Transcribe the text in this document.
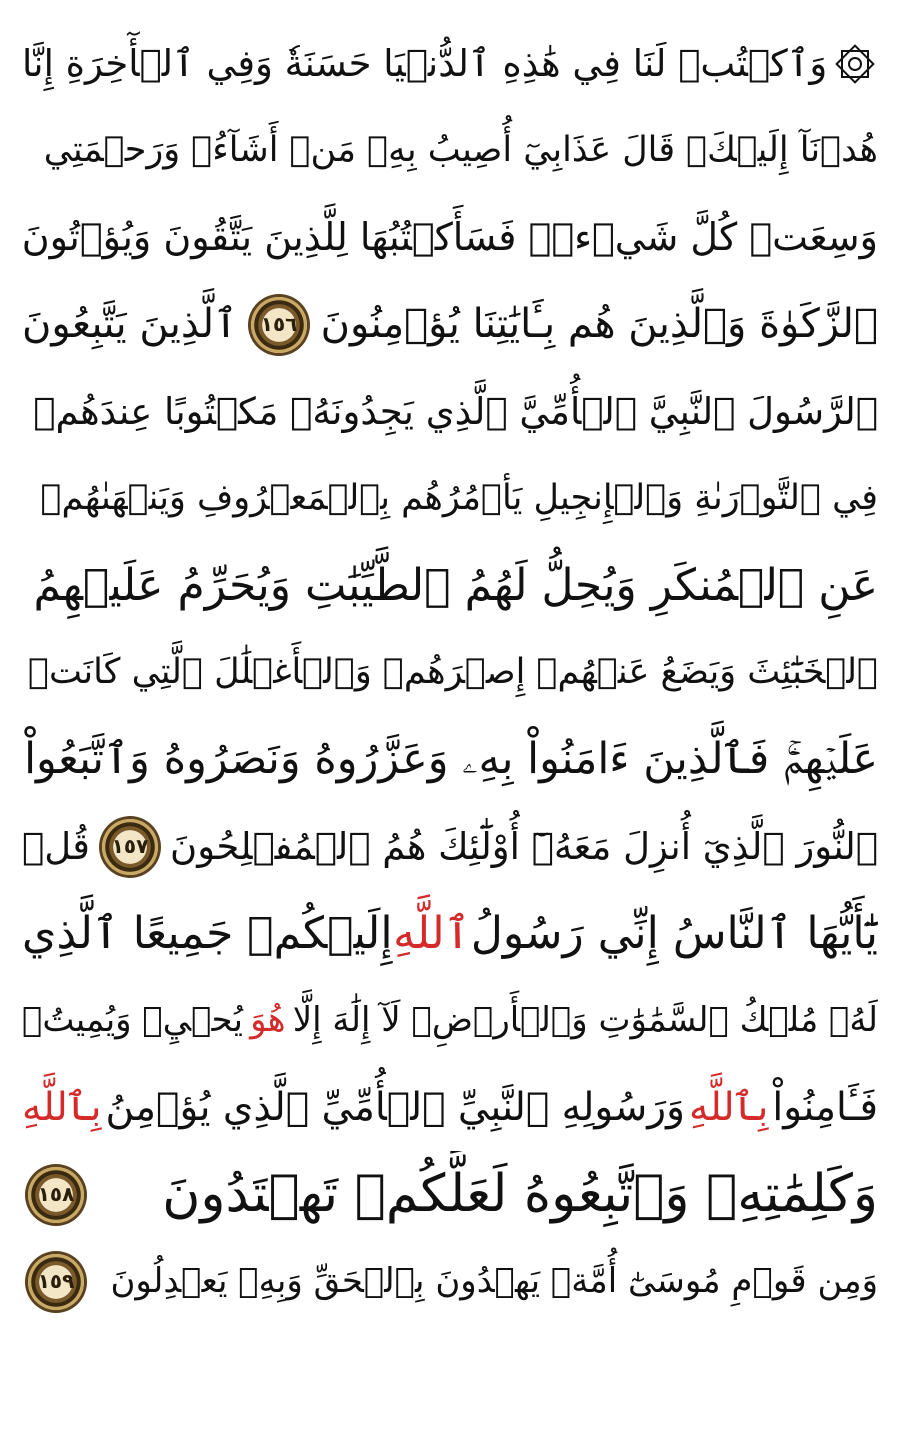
وَٱكۡتُبۡ لَنَا فِي هَٰذِهِ ٱلدُّنۡيَا حَسَنَةٗ وَفِي ٱلۡأٓخِرَةِ إِنَّا
هُدۡنَآ إِلَيۡكَۚ قَالَ عَذَابِيٓ أُصِيبُ بِهِۦ مَنۡ أَشَآءُۖ وَرَحۡمَتِي
وَسِعَتۡ كُلَّ شَيۡءٖۚ فَسَأَكۡتُبُهَا لِلَّذِينَ يَتَّقُونَ وَيُؤۡتُونَ
ٱلزَّكَوٰةَ وَٱلَّذِينَ هُم بِـَٔايَٰتِنَا يُؤۡمِنُونَ
١٥٦
ٱلَّذِينَ يَتَّبِعُونَ
ٱلرَّسُولَ ٱلنَّبِيَّ ٱلۡأُمِّيَّ ٱلَّذِي يَجِدُونَهُۥ مَكۡتُوبًا عِندَهُمۡ
فِي ٱلتَّوۡرَىٰةِ وَٱلۡإِنجِيلِ يَأۡمُرُهُم بِٱلۡمَعۡرُوفِ وَيَنۡهَىٰهُمۡ
عَنِ ٱلۡمُنكَرِ وَيُحِلُّ لَهُمُ ٱلطَّيِّبَٰتِ وَيُحَرِّمُ عَلَيۡهِمُ
ٱلۡخَبَٰٓئِثَ وَيَضَعُ عَنۡهُمۡ إِصۡرَهُمۡ وَٱلۡأَغۡلَٰلَ ٱلَّتِي كَانَتۡ
عَلَيۡهِمۡۚ فَٱلَّذِينَ ءَامَنُواْ بِهِۦ وَعَزَّرُوهُ وَنَصَرُوهُ وَٱتَّبَعُواْ
ٱلنُّورَ ٱلَّذِيٓ أُنزِلَ مَعَهُۥٓ أُوْلَٰٓئِكَ هُمُ ٱلۡمُفۡلِحُونَ
١٥٧
قُلۡ
يَٰٓأَيُّهَا ٱلنَّاسُ إِنِّي رَسُولُ
ٱللَّهِ
إِلَيۡكُمۡ جَمِيعًا ٱلَّذِي
لَهُۥ مُلۡكُ ٱلسَّمَٰوَٰتِ وَٱلۡأَرۡضِۖ لَآ إِلَٰهَ إِلَّا
هُوَ
يُحۡيِۦ وَيُمِيتُۖ
فَـَٔامِنُواْ
بِٱللَّهِ
وَرَسُولِهِ ٱلنَّبِيِّ ٱلۡأُمِّيِّ ٱلَّذِي يُؤۡمِنُ
بِٱللَّهِ
وَكَلِمَٰتِهِۦ وَٱتَّبِعُوهُ لَعَلَّكُمۡ تَهۡتَدُونَ
١٥٨
وَمِن قَوۡمِ مُوسَىٰٓ أُمَّةٞ يَهۡدُونَ بِٱلۡحَقِّ وَبِهِۦ يَعۡدِلُونَ
١٥٩
